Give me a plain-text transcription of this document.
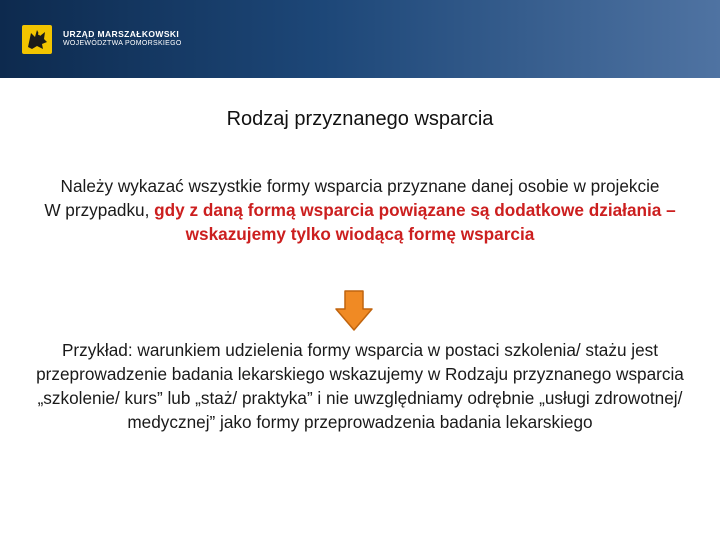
URZĄD MARSZAŁKOWSKI
WOJEWÓDZTWA POMORSKIEGO
Rodzaj przyznanego wsparcia
Należy wykazać wszystkie formy wsparcia przyznane danej osobie w projekcie
W przypadku, gdy z daną formą wsparcia powiązane są dodatkowe działania – wskazujemy tylko wiodącą formę wsparcia
Przykład: warunkiem udzielenia formy wsparcia w postaci szkolenia/ stażu jest przeprowadzenie badania lekarskiego wskazujemy w Rodzaju przyznanego wsparcia „szkolenie/ kurs” lub „staż/ praktyka” i nie uwzględniamy odrębnie „usługi zdrowotnej/ medycznej” jako formy przeprowadzenia badania lekarskiego
